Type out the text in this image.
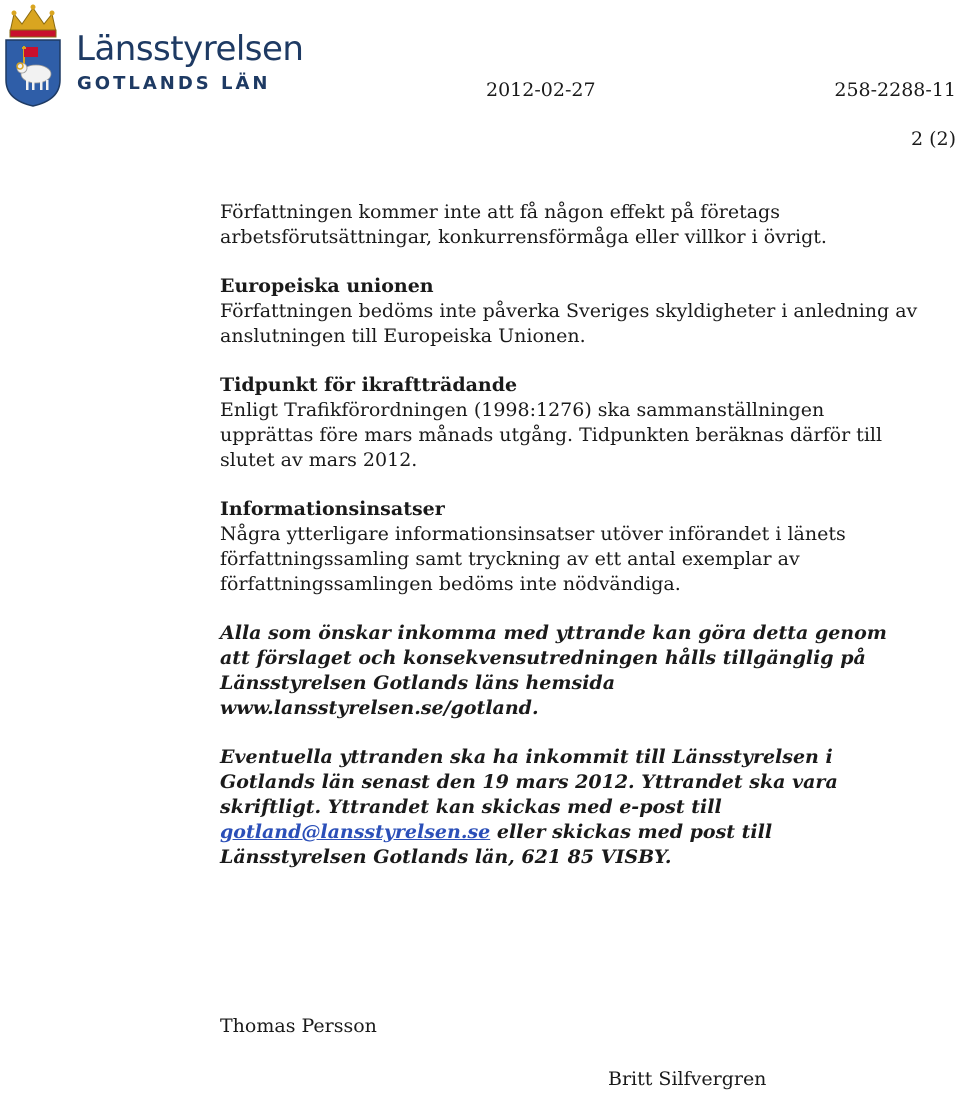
Länsstyrelsen
GOTLANDS LÄN	2012-02-27	258-2288-11
2 (2)

Författningen kommer inte att få någon effekt på företags arbetsförutsättningar, konkurrensförmåga eller villkor i övrigt.

Europeiska unionen

Författningen bedöms inte påverka Sveriges skyldigheter i anledning av anslutningen till Europeiska Unionen.

Tidpunkt för ikraftträdande

Enligt Trafikförordningen (1998:1276) ska sammanställningen upprättas före mars månads utgång. Tidpunkten beräknas därför till slutet av mars 2012.

Informationsinsatser

Några ytterligare informationsinsatser utöver införandet i länets författningssamling samt tryckning av ett antal exemplar av författningssamlingen bedöms inte nödvändiga.

Alla som önskar inkomma med yttrande kan göra detta genom att förslaget och konsekvensutredningen hålls tillgänglig på Länsstyrelsen Gotlands läns hemsida www.lansstyrelsen.se/gotland.

Eventuella yttranden ska ha inkommit till Länsstyrelsen i Gotlands län senast den 19 mars 2012. Yttrandet ska vara skriftligt. Yttrandet kan skickas med e-post till gotland@lansstyrelsen.se eller skickas med post till Länsstyrelsen Gotlands län, 621 85 VISBY.

Thomas Persson
Britt Silfvergren
